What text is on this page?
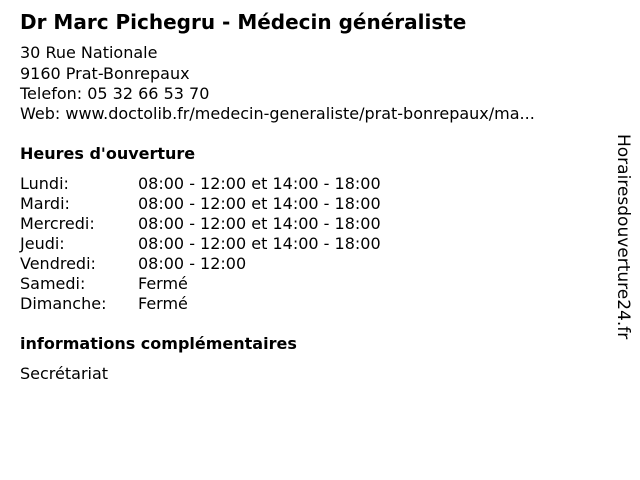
Dr Marc Pichegru - Médecin généraliste
30 Rue Nationale
9160 Prat-Bonrepaux
Telefon: 05 32 66 53 70
Web: www.doctolib.fr/medecin-generaliste/prat-bonrepaux/ma...
Heures d'ouverture
Lundi:	08:00 - 12:00 et 14:00 - 18:00
Mardi:	08:00 - 12:00 et 14:00 - 18:00
Mercredi:	08:00 - 12:00 et 14:00 - 18:00
Jeudi:	08:00 - 12:00 et 14:00 - 18:00
Vendredi:	08:00 - 12:00
Samedi:	Fermé
Dimanche: Fermé
informations complémentaires
Secrétariat
Horairesdouverture24.fr
